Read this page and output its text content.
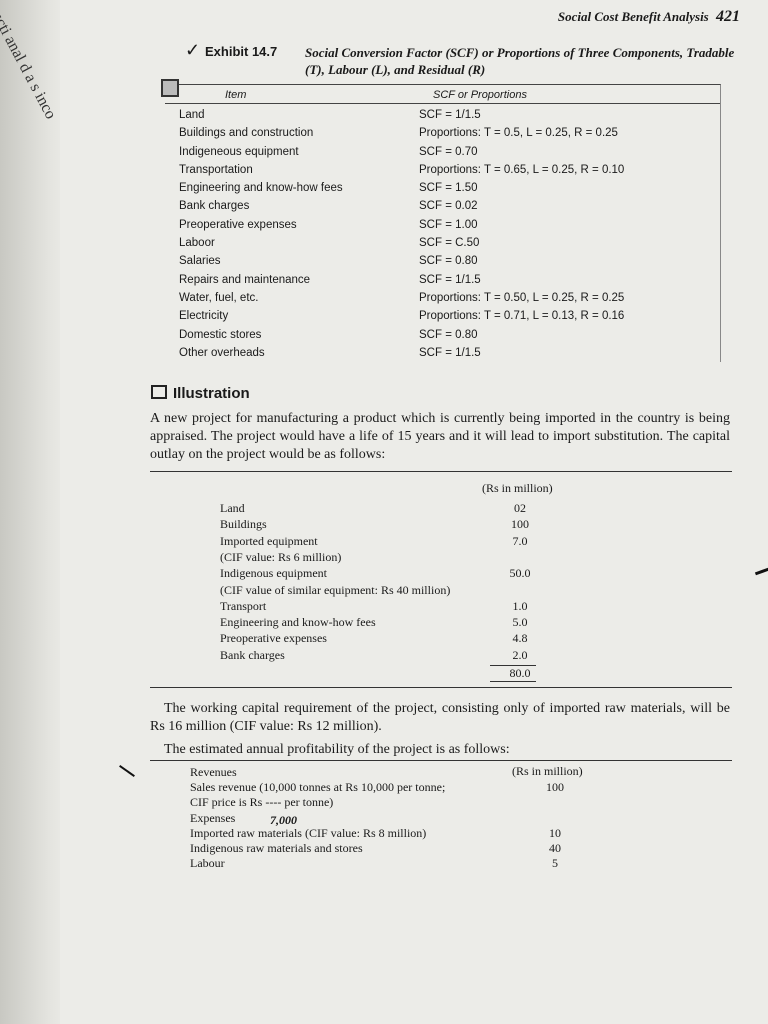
Social Cost Benefit Analysis 421
✓ Exhibit 14.7 Social Conversion Factor (SCF) or Proportions of Three Components, Tradable (T), Labour (L), and Residual (R)
Item	SCF or Proportions
Land	SCF = 1/1.5
Buildings and construction	Proportions: T = 0.5, L = 0.25, R = 0.25
Indigeneous equipment	SCF = 0.70
Transportation	Proportions: T = 0.65, L = 0.25, R = 0.10
Engineering and know-how fees	SCF = 1.50
Bank charges	SCF = 0.02
Preoperative expenses	SCF = 1.00
Laboor	SCF = C.50
Salaries	SCF = 0.80
Repairs and maintenance	SCF = 1/1.5
Water, fuel, etc.	Proportions: T = 0.50, L = 0.25, R = 0.25
Electricity	Proportions: T = 0.71, L = 0.13, R = 0.16
Domestic stores	SCF = 0.80
Other overheads	SCF = 1/1.5
Illustration
A new project for manufacturing a product which is currently being imported in the country is being appraised. The project would have a life of 15 years and it will lead to import substitution. The capital outlay on the project would be as follows:
(Rs in million)
Land	02
Buildings	100
Imported equipment	7.0
(CIF value: Rs 6 million)
Indigenous equipment	50.0
(CIF value of similar equipment: Rs 40 million)
Transport	1.0
Engineering and know-how fees	5.0
Preoperative expenses	4.8
Bank charges	2.0
80.0
The working capital requirement of the project, consisting only of imported raw materials, will be Rs 16 million (CIF value: Rs 12 million).
The estimated annual profitability of the project is as follows:
(Rs in million)
Revenues
Sales revenue (10,000 tonnes at Rs 10,000 per tonne;	100
CIF price is Rs ---- per tonne)
Expenses
Imported raw materials (CIF value: Rs 8 million)	10
Indigenous raw materials and stores	40
Labour	5
7,000
